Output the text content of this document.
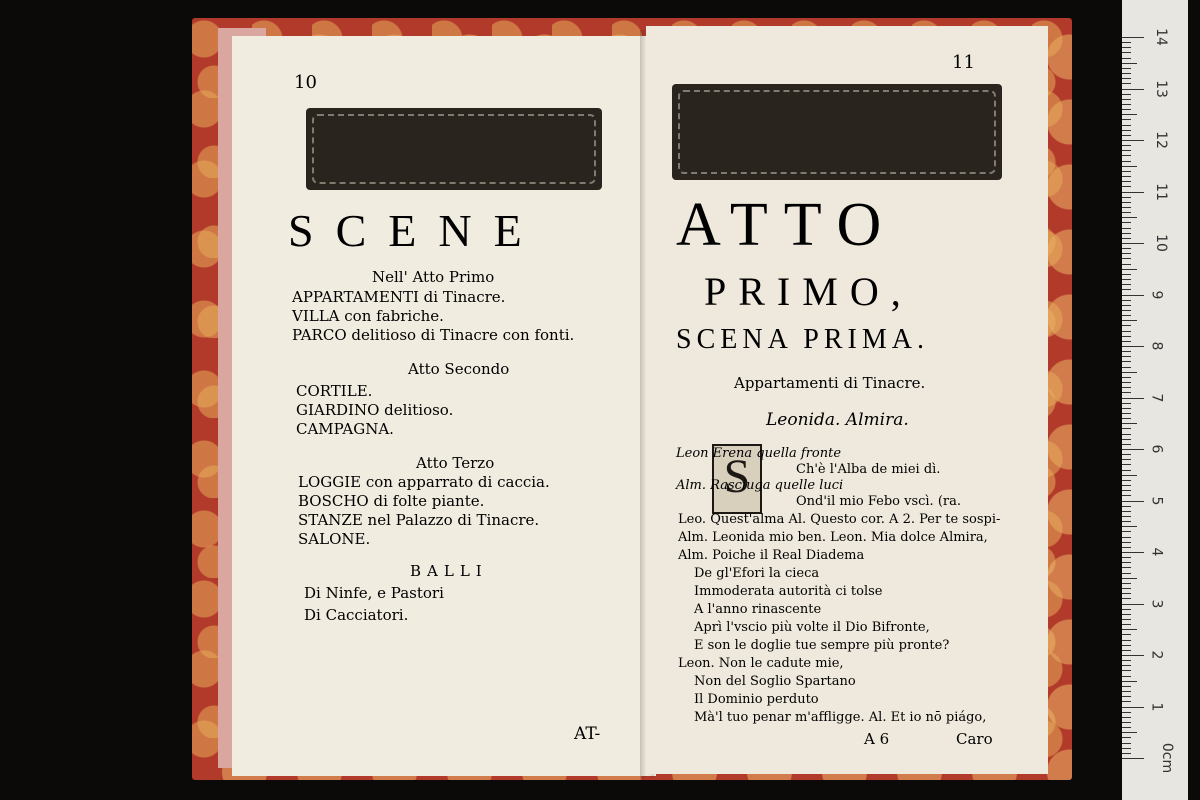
10
SCENE
Nell' Atto Primo
APPARTAMENTI di Tinacre.
VILLA con fabriche.
PARCO delitioso di Tinacre con fonti.
Atto Secondo
CORTILE.
GIARDINO delitioso.
CAMPAGNA.
Atto Terzo
LOGGIE con apparrato di caccia.
BOSCHO di folte piante.
STANZE nel Palazzo di Tinacre.
SALONE.
BALLI
Di Ninfe, e Pastori
Di Cacciatori.
AT-
11
ATTO
PRIMO,
SCENA PRIMA.
Appartamenti di Tinacre.
Leonida. Almira.
S
Leon Erena quella fronte
Ch'è l'Alba de miei dì.
Alm. Rasciuga quelle luci
Ond'il mio Febo vscì. (ra.
Leo. Quest'alma Al. Questo cor. A 2. Per te sospi-
Alm. Leonida mio ben. Leon. Mia dolce Almira,
Alm. Poiche il Real Diadema
De gl'Efori la cieca
Immoderata autorità ci tolse
A l'anno rinascente
Aprì l'vscio più volte il Dio Bifronte,
E son le doglie tue sempre più pronte?
Leon. Non le cadute mie,
Non del Soglio Spartano
Il Dominio perduto
Mà'l tuo penar m'affligge. Al. Et io nō piágo,
A 6	Caro
0cm
1
2
3
4
5
6
7
8
9
10
11
12
13
14
